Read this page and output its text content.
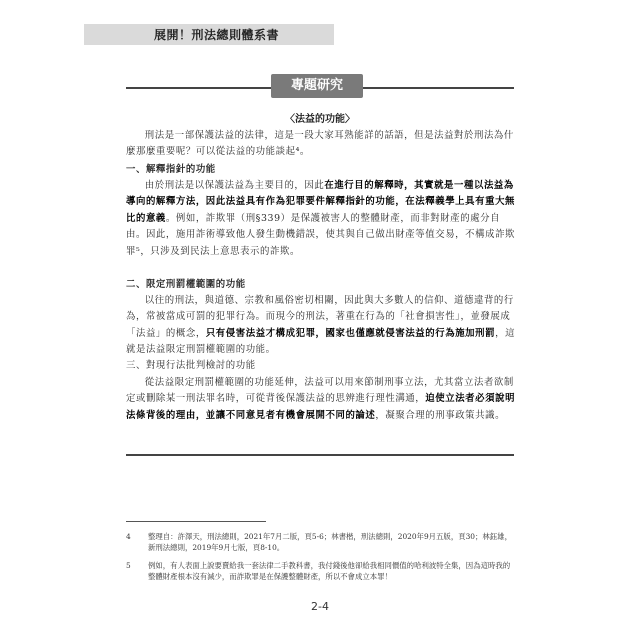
展開！刑法總則體系書
專題研究
〈法益的功能〉
刑法是一部保護法益的法律，這是一段大家耳熟能詳的話語，但是法益對於刑法為什麼那麼重要呢？可以從法益的功能談起⁴。
一、解釋指針的功能
由於刑法是以保護法益為主要目的，因此在進行目的解釋時，其實就是一種以法益為導向的解釋方法，因此法益具有作為犯罪要件解釋指針的功能，在法釋義學上具有重大無比的意義。例如，詐欺罪（刑§339）是保護被害人的整體財產，而非對財產的處分自由。因此，施用詐術導致他人發生動機錯誤，使其與自己做出財產等值交易，不構成詐欺罪⁵，只涉及到民法上意思表示的詐欺。
二、限定刑罰權範圍的功能
以往的刑法，與道德、宗教和風俗密切相關，因此與大多數人的信仰、道德違背的行為，常被當成可罰的犯罪行為。而現今的刑法，著重在行為的「社會損害性」，並發展成「法益」的概念，只有侵害法益才構成犯罪，國家也僅應就侵害法益的行為施加刑罰，這就是法益限定刑罰權範圍的功能。
三、對現行法批判檢討的功能
從法益限定刑罰權範圍的功能延伸，法益可以用來節制刑事立法，尤其當立法者欲制定或刪除某一刑法罪名時，可從背後保護法益的思辨進行理性溝通，迫使立法者必須說明法條背後的理由，並讓不同意見者有機會展開不同的論述，凝聚合理的刑事政策共識。
4	整理自：許澤天，刑法總則，2021年7月二版，頁5-6；林書楷，刑法總則，2020年9月五版，頁30；林鈺雄，新刑法總則，2019年9月七版，頁8-10。
5	例如，有人表面上說要賣給我一套法律二手教科書，我付錢後他卻給我相同價值的哈利波特全集，因為這時我的整體財產根本沒有減少，而詐欺罪是在保護整體財產，所以不會成立本罪！
2-4
